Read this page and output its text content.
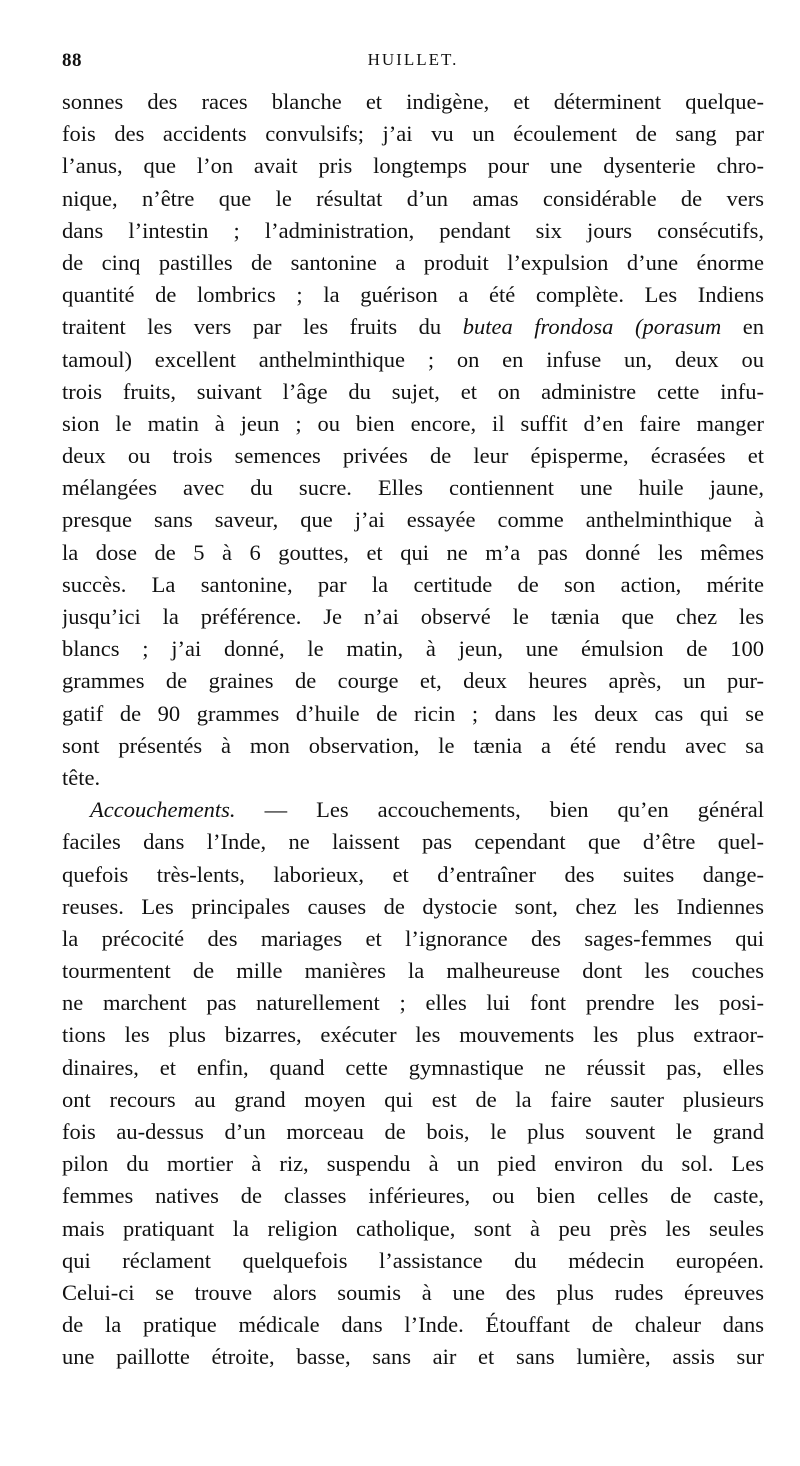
88	HUILLET.
sonnes des races blanche et indigène, et déterminent quelque-
fois des accidents convulsifs; j’ai vu un écoulement de sang par
l’anus, que l’on avait pris longtemps pour une dysenterie chro-
nique, n’être que le résultat d’un amas considérable de vers
dans l’intestin ; l’administration, pendant six jours consécutifs,
de cinq pastilles de santonine a produit l’expulsion d’une énorme
quantité de lombrics ; la guérison a été complète. Les Indiens
traitent les vers par les fruits du butea frondosa (porasum en
tamoul) excellent anthelminthique ; on en infuse un, deux ou
trois fruits, suivant l’âge du sujet, et on administre cette infu-
sion le matin à jeun ; ou bien encore, il suffit d’en faire manger
deux ou trois semences privées de leur épisperme, écrasées et
mélangées avec du sucre. Elles contiennent une huile jaune,
presque sans saveur, que j’ai essayée comme anthelminthique à
la dose de 5 à 6 gouttes, et qui ne m’a pas donné les mêmes
succès. La santonine, par la certitude de son action, mérite
jusqu’ici la préférence. Je n’ai observé le tænia que chez les
blancs ; j’ai donné, le matin, à jeun, une émulsion de 100
grammes de graines de courge et, deux heures après, un pur-
gatif de 90 grammes d’huile de ricin ; dans les deux cas qui se
sont présentés à mon observation, le tænia a été rendu avec sa
tête.
Accouchements. — Les accouchements, bien qu’en général
faciles dans l’Inde, ne laissent pas cependant que d’être quel-
quefois très-lents, laborieux, et d’entraîner des suites dange-
reuses. Les principales causes de dystocie sont, chez les Indiennes
la précocité des mariages et l’ignorance des sages-femmes qui
tourmentent de mille manières la malheureuse dont les couches
ne marchent pas naturellement ; elles lui font prendre les posi-
tions les plus bizarres, exécuter les mouvements les plus extraor-
dinaires, et enfin, quand cette gymnastique ne réussit pas, elles
ont recours au grand moyen qui est de la faire sauter plusieurs
fois au-dessus d’un morceau de bois, le plus souvent le grand
pilon du mortier à riz, suspendu à un pied environ du sol. Les
femmes natives de classes inférieures, ou bien celles de caste,
mais pratiquant la religion catholique, sont à peu près les seules
qui réclament quelquefois l’assistance du médecin européen.
Celui-ci se trouve alors soumis à une des plus rudes épreuves
de la pratique médicale dans l’Inde. Étouffant de chaleur dans
une paillotte étroite, basse, sans air et sans lumière, assis sur
